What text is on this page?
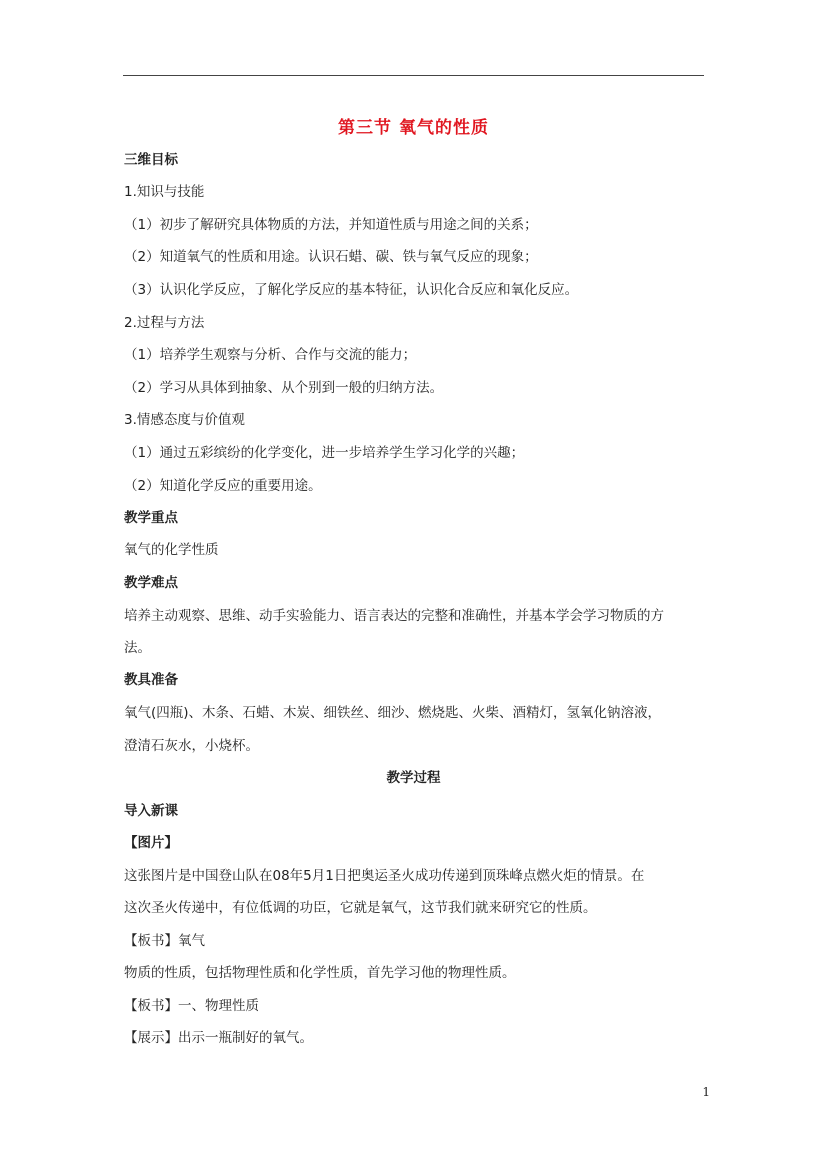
第三节 氧气的性质
三维目标
1.知识与技能
（1）初步了解研究具体物质的方法，并知道性质与用途之间的关系；
（2）知道氧气的性质和用途。认识石蜡、碳、铁与氧气反应的现象；
（3）认识化学反应，了解化学反应的基本特征，认识化合反应和氧化反应。
2.过程与方法
（1）培养学生观察与分析、合作与交流的能力；
（2）学习从具体到抽象、从个别到一般的归纳方法。
3.情感态度与价值观
（1）通过五彩缤纷的化学变化，进一步培养学生学习化学的兴趣；
（2）知道化学反应的重要用途。
教学重点
氧气的化学性质
教学难点
培养主动观察、思维、动手实验能力、语言表达的完整和准确性，并基本学会学习物质的方
法。
教具准备
氧气(四瓶)、木条、石蜡、木炭、细铁丝、细沙、燃烧匙、火柴、酒精灯，氢氧化钠溶液，
澄清石灰水，小烧杯。
教学过程
导入新课
【图片】
这张图片是中国登山队在08年5月1日把奥运圣火成功传递到顶珠峰点燃火炬的情景。在
这次圣火传递中，有位低调的功臣，它就是氧气，这节我们就来研究它的性质。
【板书】氧气
物质的性质，包括物理性质和化学性质，首先学习他的物理性质。
【板书】一、物理性质
【展示】出示一瓶制好的氧气。
1
